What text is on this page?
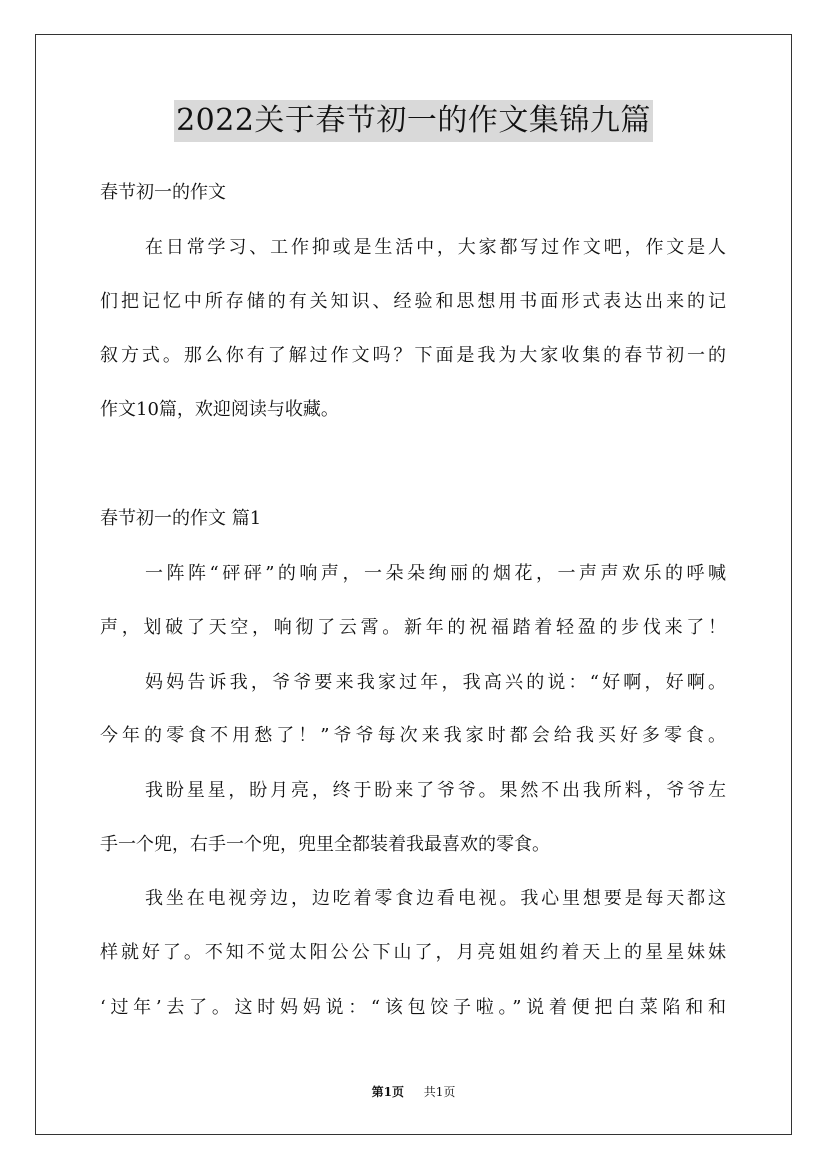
2022关于春节初一的作文集锦九篇
春节初一的作文
在日常学习、工作抑或是生活中，大家都写过作文吧，作文是人
们把记忆中所存储的有关知识、经验和思想用书面形式表达出来的记
叙方式。那么你有了解过作文吗？下面是我为大家收集的春节初一的
作文10篇，欢迎阅读与收藏。
春节初一的作文 篇1
一阵阵“砰砰”的响声，一朵朵绚丽的烟花，一声声欢乐的呼喊
声，划破了天空，响彻了云霄。新年的祝福踏着轻盈的步伐来了！
妈妈告诉我，爷爷要来我家过年，我高兴的说：“好啊，好啊。
今年的零食不用愁了！”爷爷每次来我家时都会给我买好多零食。
我盼星星，盼月亮，终于盼来了爷爷。果然不出我所料，爷爷左
手一个兜，右手一个兜，兜里全都装着我最喜欢的零食。
我坐在电视旁边，边吃着零食边看电视。我心里想要是每天都这
样就好了。不知不觉太阳公公下山了，月亮姐姐约着天上的星星妹妹
‘过年’去了。这时妈妈说：“该包饺子啦。”说着便把白菜陷和和
第1页 共1页
